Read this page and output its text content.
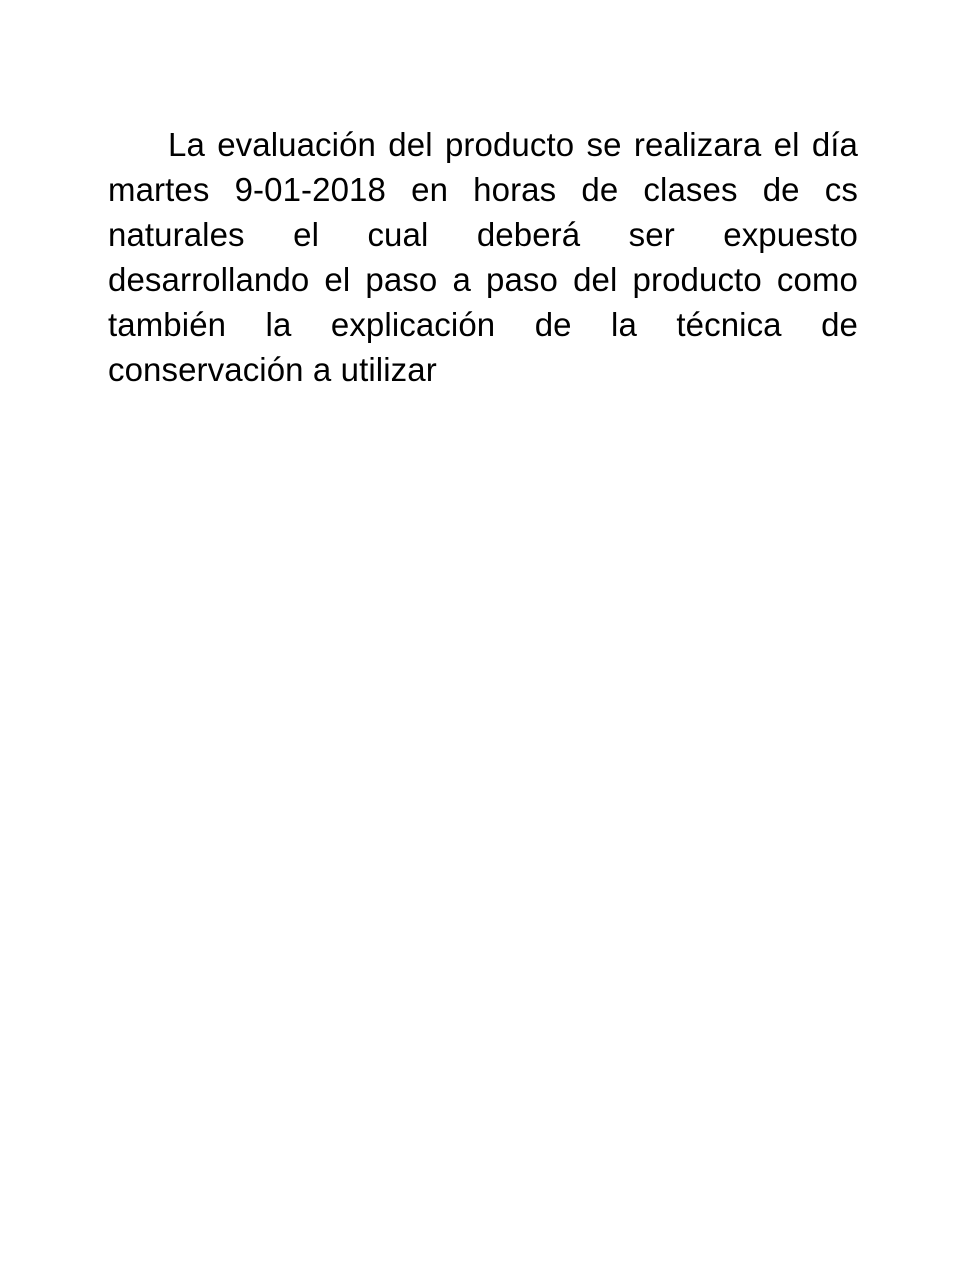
La evaluación del producto se realizara el día martes 9-01-2018 en horas de clases de cs naturales el cual deberá ser expuesto desarrollando el paso a paso del producto como también la explicación de la técnica de conservación a utilizar
